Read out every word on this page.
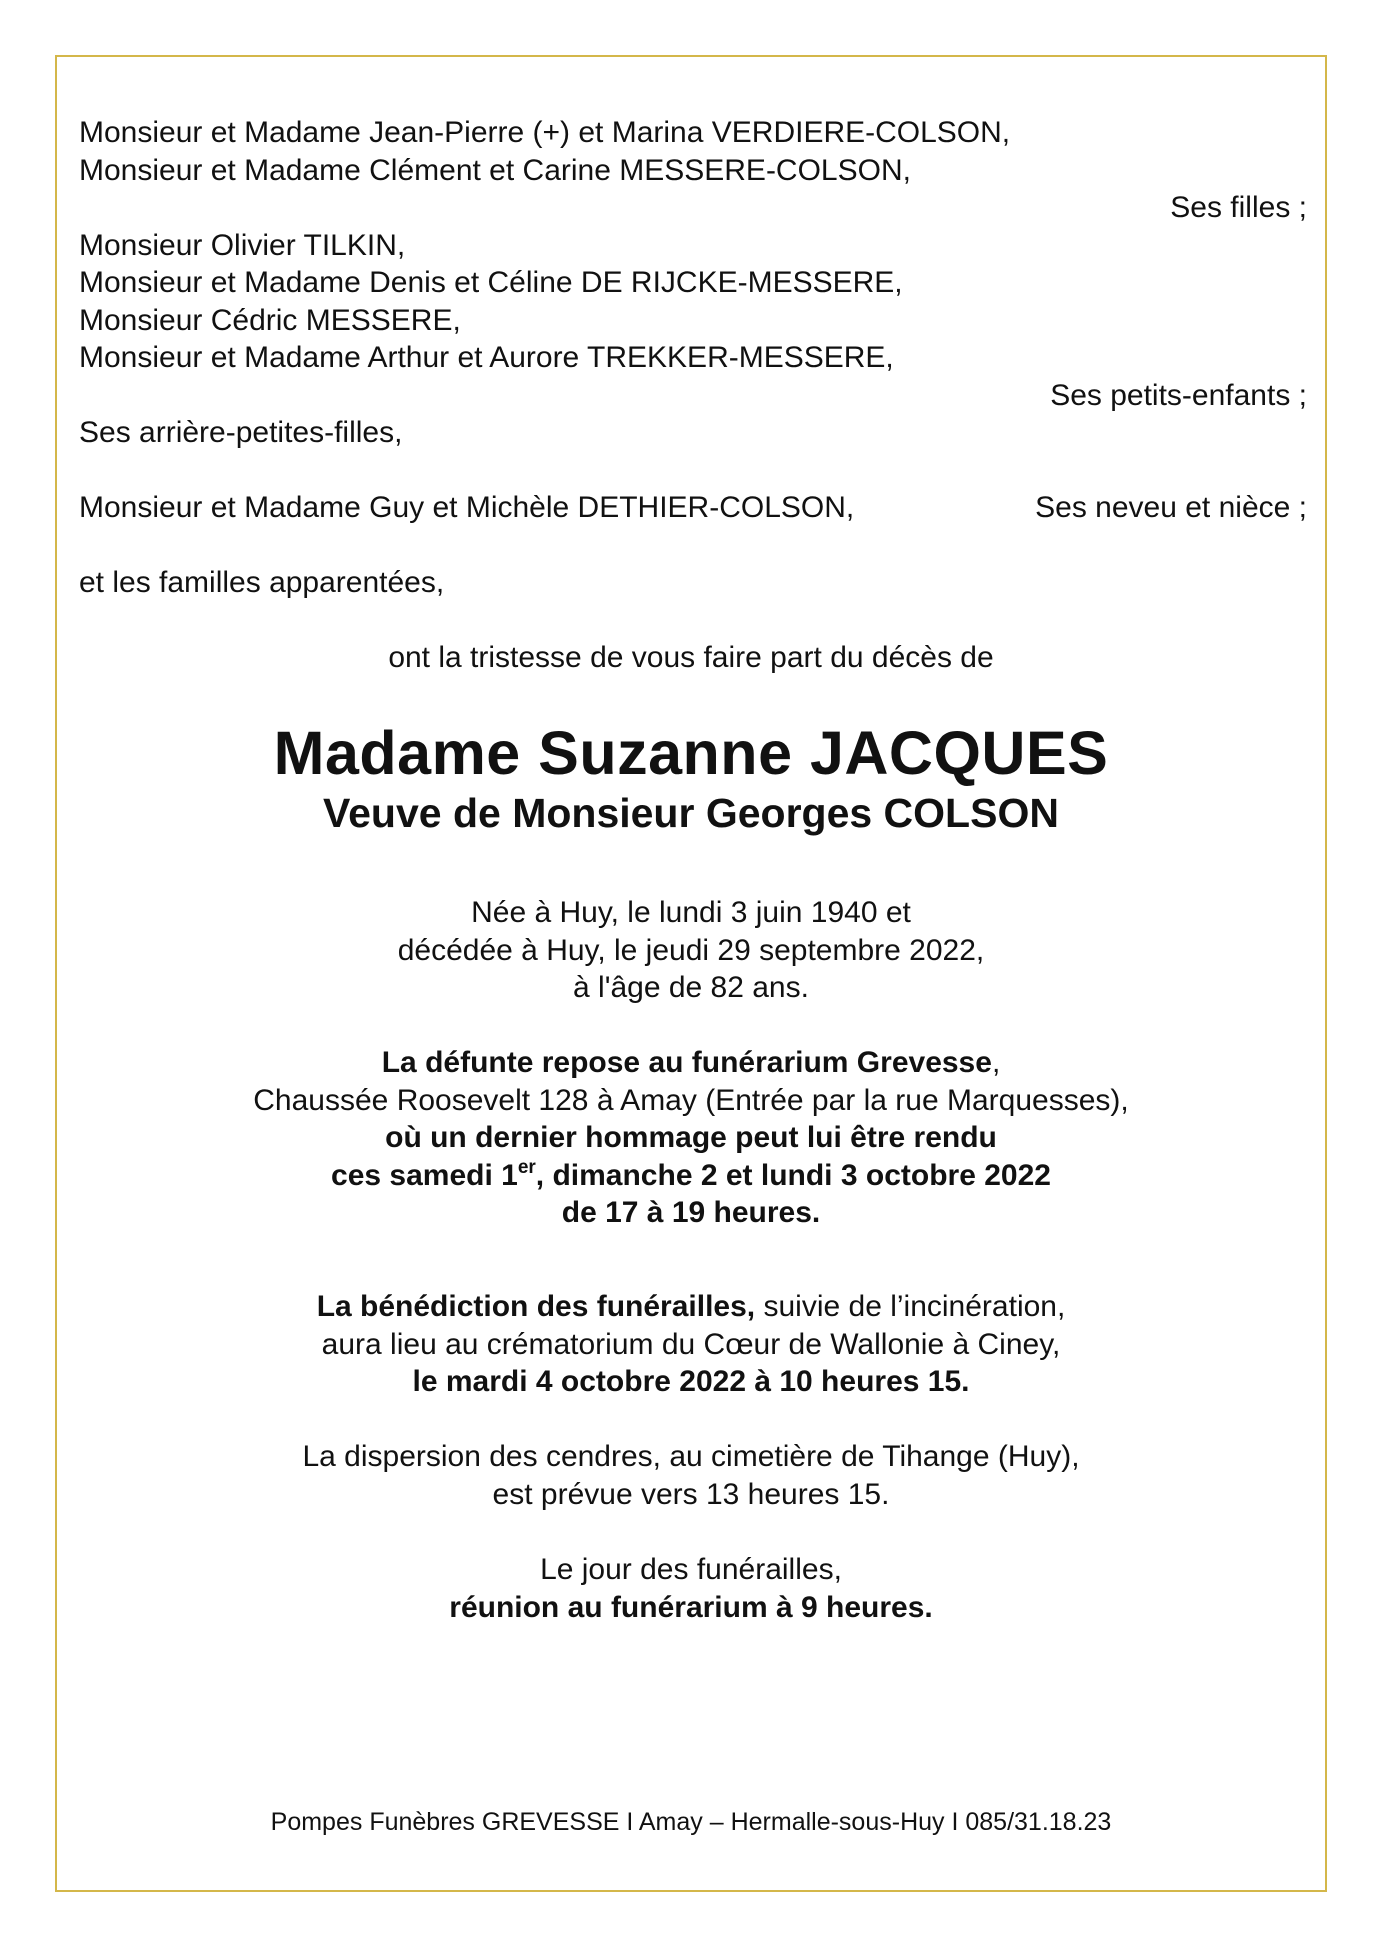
Monsieur et Madame Jean-Pierre (+) et Marina VERDIERE-COLSON,
Monsieur et Madame Clément et Carine MESSERE-COLSON,
Ses filles ;
Monsieur Olivier TILKIN,
Monsieur et Madame Denis et Céline DE RIJCKE-MESSERE,
Monsieur Cédric MESSERE,
Monsieur et Madame Arthur et Aurore TREKKER-MESSERE,
Ses petits-enfants ;
Ses arrière-petites-filles,
Monsieur et Madame Guy et Michèle DETHIER-COLSON,	Ses neveu et nièce ;
et les familles apparentées,
ont la tristesse de vous faire part du décès de
Madame Suzanne JACQUES
Veuve de Monsieur Georges COLSON
Née à Huy, le lundi 3 juin 1940 et
décédée à Huy, le jeudi 29 septembre 2022,
à l'âge de 82 ans.
La défunte repose au funérarium Grevesse,
Chaussée Roosevelt 128 à Amay (Entrée par la rue Marquesses),
où un dernier hommage peut lui être rendu
ces samedi 1er, dimanche 2 et lundi 3 octobre 2022
de 17 à 19 heures.
La bénédiction des funérailles, suivie de l’incinération,
aura lieu au crématorium du Cœur de Wallonie à Ciney,
le mardi 4 octobre 2022 à 10 heures 15.
La dispersion des cendres, au cimetière de Tihange (Huy),
est prévue vers 13 heures 15.
Le jour des funérailles,
réunion au funérarium à 9 heures.
Pompes Funèbres GREVESSE I Amay – Hermalle-sous-Huy I 085/31.18.23
